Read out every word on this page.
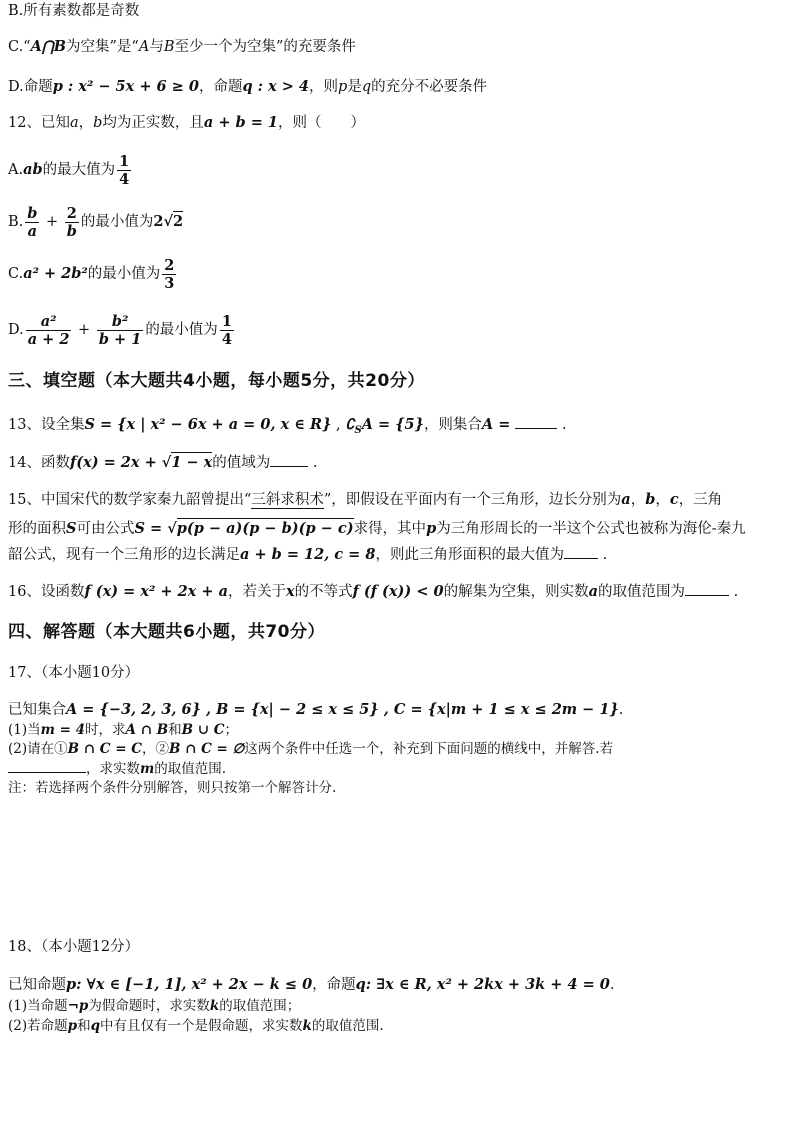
B.所有素数都是奇数
C.“A⋂B为空集”是“A与B至少一个为空集”的充要条件
D.命题p : x² − 5x + 6 ≥ 0，命题q : x > 4，则p是q的充分不必要条件
12、已知a，b均为正实数，且a + b = 1，则（　　）
A.ab的最大值为 $\frac{1}{4}$
B. $\frac{b}{a} + \frac{2}{b}$ 的最小值为2√2
C.a² + 2b²的最小值为 $\frac{2}{3}$
D. $\frac{\text{a²}}{a + 2} + \frac{\text{b²}}{b + 1}$ 的最小值为 $\frac{1}{4}$
三、填空题（本大题共4小题，每小题5分，共20分）
13、设全集S = {x | x² − 6x + a = 0, x ∈ R} , $∁_SA = \{5\}$，则集合A =	.
14、函数f(x) = 2x + √1 − x的值域为	.
15、中国宋代的数学家秦九韶曾提出“三斜求积术”，即假设在平面内有一个三角形，边长分别为a，b，c，三角
形的面积S可由公式S = √p(p − a)(p − b)(p − c)求得，其中p为三角形周长的一半这个公式也被称为海伦-秦九
韶公式，现有一个三角形的边长满足a + b = 12, c = 8，则此三角形面积的最大值为	.
16、设函数f (x) = x² + 2x + a，若关于x的不等式f (f (x)) < 0的解集为空集，则实数a的取值范围为	.
四、解答题（本大题共6小题，共70分）
17、（本小题10分）
已知集合A = {−3, 2, 3, 6} , B = {x| − 2 ≤ x ≤ 5} , C = {x|m + 1 ≤ x ≤ 2m − 1}.
(1)当m = 4时，求A ∩ B和B ∪ C；
(2)请在①B ∩ C = C，②B ∩ C = ∅这两个条件中任选一个，补充到下面问题的横线中，并解答.若
，求实数m的取值范围.
注：若选择两个条件分别解答，则只按第一个解答计分.
18、（本小题12分）
已知命题p: ∀x ∈ [−1, 1], x² + 2x − k ≤ 0，命题q: ∃x ∈ R, x² + 2kx + 3k + 4 = 0.
(1)当命题¬p为假命题时，求实数k的取值范围；
(2)若命题p和q中有且仅有一个是假命题，求实数k的取值范围.
